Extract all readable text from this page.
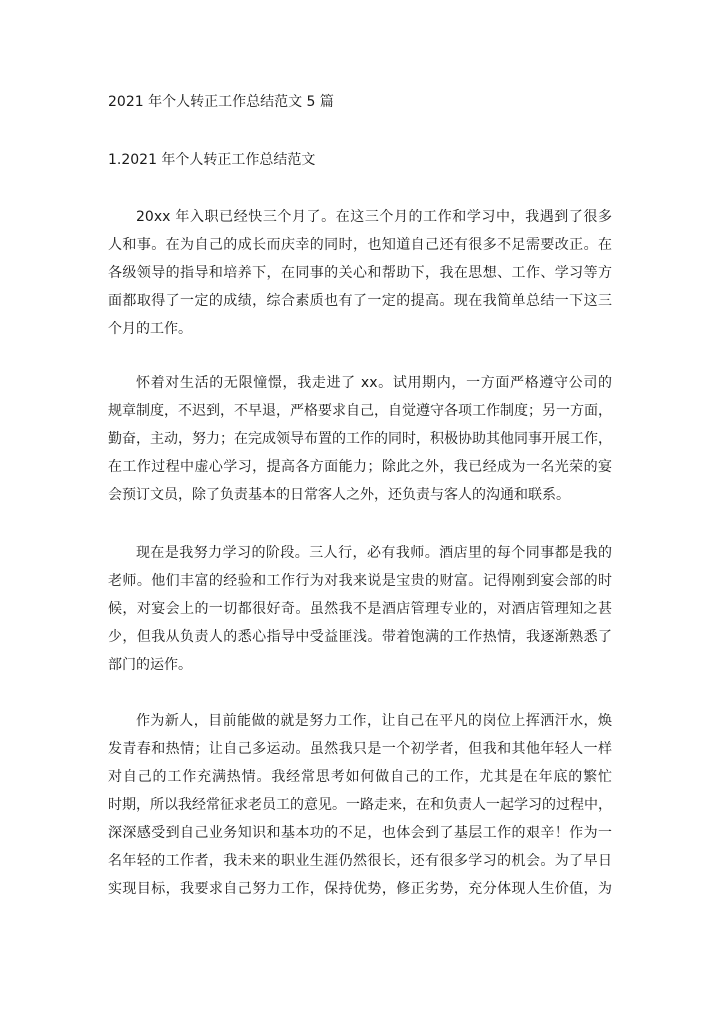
2021 年个人转正工作总结范文 5 篇
1.2021 年个人转正工作总结范文
20xx 年入职已经快三个月了。在这三个月的工作和学习中，我遇到了很多
人和事。在为自己的成长而庆幸的同时，也知道自己还有很多不足需要改正。在
各级领导的指导和培养下，在同事的关心和帮助下，我在思想、工作、学习等方
面都取得了一定的成绩，综合素质也有了一定的提高。现在我简单总结一下这三
个月的工作。
怀着对生活的无限憧憬，我走进了 xx。试用期内，一方面严格遵守公司的
规章制度，不迟到，不早退，严格要求自己，自觉遵守各项工作制度；另一方面，
勤奋，主动，努力；在完成领导布置的工作的同时，积极协助其他同事开展工作，
在工作过程中虚心学习，提高各方面能力；除此之外，我已经成为一名光荣的宴
会预订文员，除了负责基本的日常客人之外，还负责与客人的沟通和联系。
现在是我努力学习的阶段。三人行，必有我师。酒店里的每个同事都是我的
老师。他们丰富的经验和工作行为对我来说是宝贵的财富。记得刚到宴会部的时
候，对宴会上的一切都很好奇。虽然我不是酒店管理专业的，对酒店管理知之甚
少，但我从负责人的悉心指导中受益匪浅。带着饱满的工作热情，我逐渐熟悉了
部门的运作。
作为新人，目前能做的就是努力工作，让自己在平凡的岗位上挥洒汗水，焕
发青春和热情；让自己多运动。虽然我只是一个初学者，但我和其他年轻人一样
对自己的工作充满热情。我经常思考如何做自己的工作，尤其是在年底的繁忙
时期，所以我经常征求老员工的意见。一路走来，在和负责人一起学习的过程中，
深深感受到自己业务知识和基本功的不足，也体会到了基层工作的艰辛！作为一
名年轻的工作者，我未来的职业生涯仍然很长，还有很多学习的机会。为了早日
实现目标，我要求自己努力工作，保持优势，修正劣势，充分体现人生价值，为
